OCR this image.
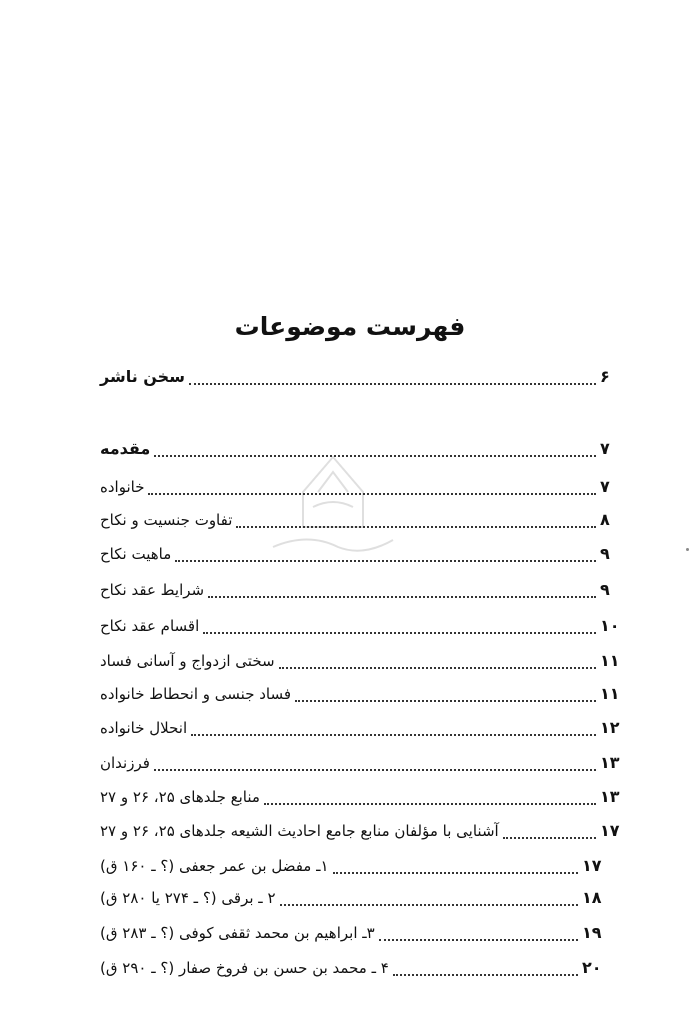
فهرست موضوعات
سخن ناشر	۶
مقدمه	۷
خانواده	۷
تفاوت جنسیت و نکاح	۸
ماهیت نکاح	۹
شرایط عقد نکاح	۹
اقسام عقد نکاح	۱۰
سختی ازدواج و آسانی فساد	۱۱
فساد جنسی و انحطاط خانواده	۱۱
انحلال خانواده	۱۲
فرزندان	۱۳
منابع جلدهای ۲۵، ۲۶ و ۲۷	۱۳
آشنایی با مؤلفان منابع جامع احادیث الشیعه جلدهای ۲۵، ۲۶ و ۲۷	۱۷
۱ـ مفضل بن عمر جعفی (؟ ـ ۱۶۰ ق)	۱۷
۲ ـ برقی (؟ ـ ۲۷۴ یا ۲۸۰ ق)	۱۸
۳ـ ابراهیم بن محمد ثقفی کوفی (؟ ـ ۲۸۳ ق)	۱۹
۴ ـ محمد بن حسن بن فروخ صفار (؟ ـ ۲۹۰ ق)	۲۰
